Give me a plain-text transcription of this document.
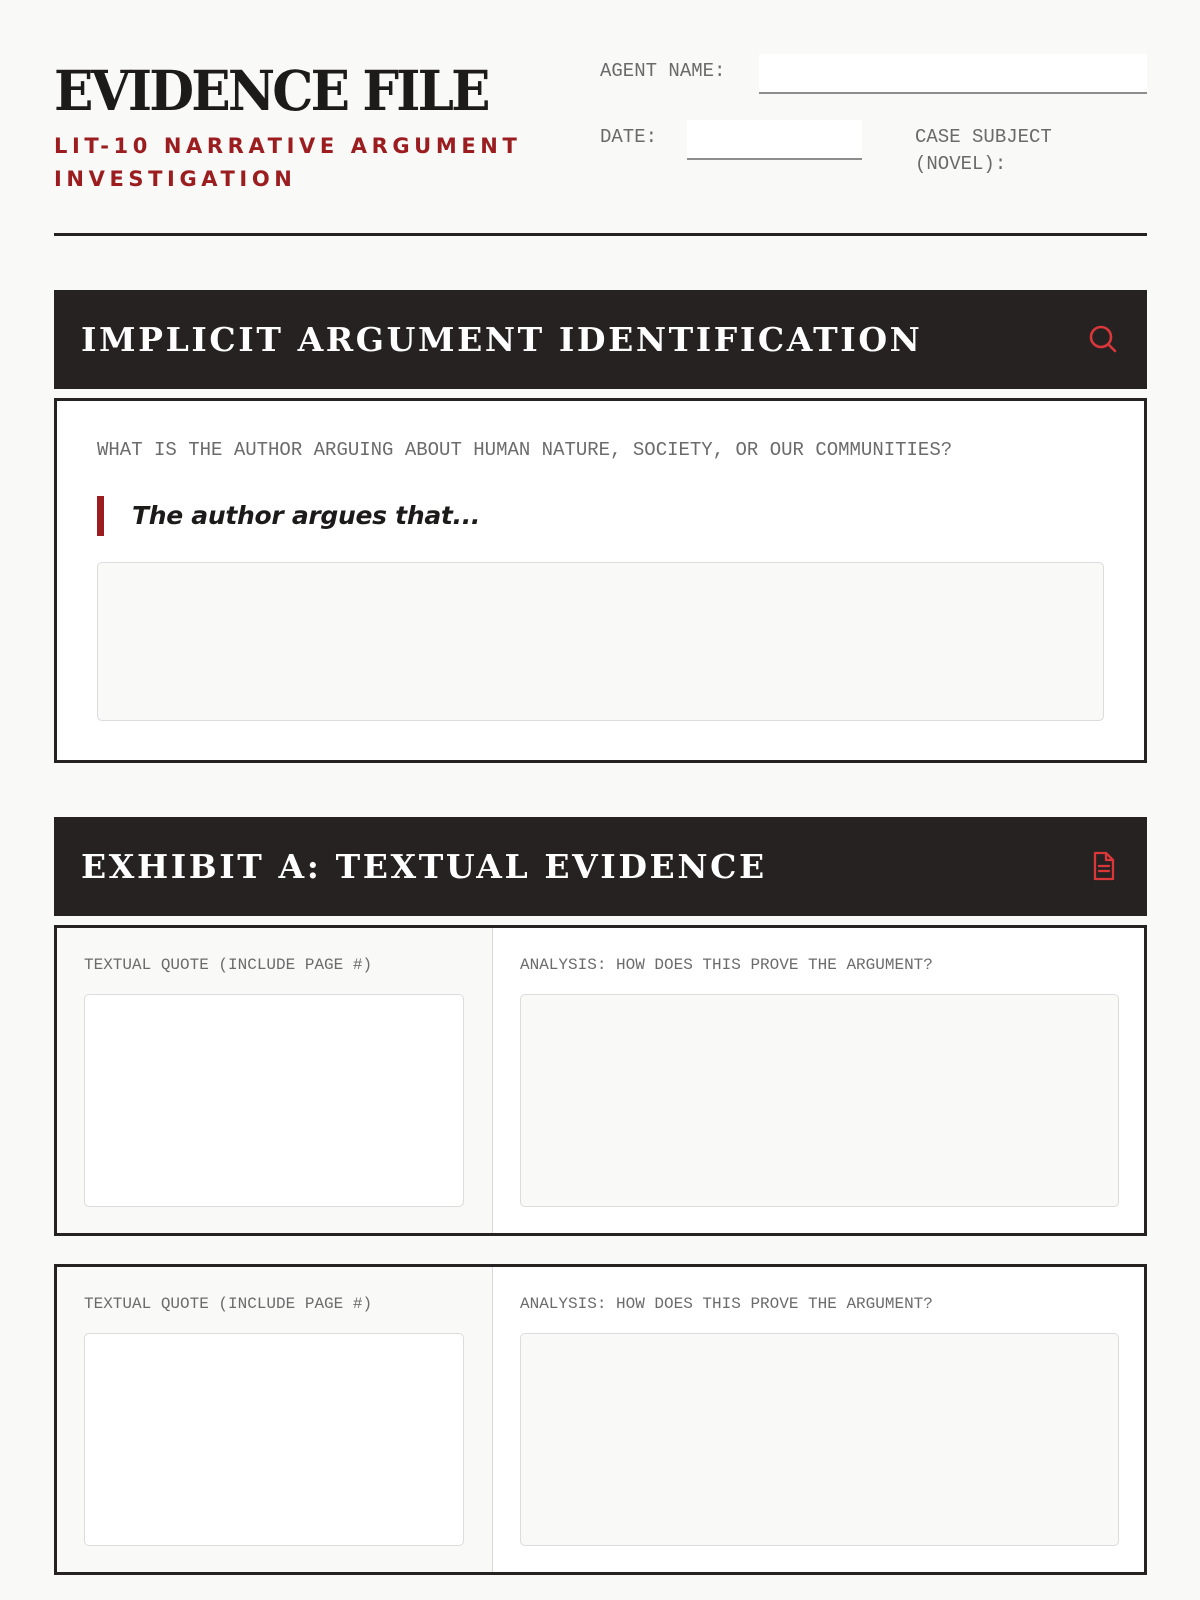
EVIDENCE FILE
LIT-10 NARRATIVE ARGUMENT INVESTIGATION
AGENT NAME:
DATE:	CASE SUBJECT (NOVEL):
IMPLICIT ARGUMENT IDENTIFICATION
WHAT IS THE AUTHOR ARGUING ABOUT HUMAN NATURE, SOCIETY, OR OUR COMMUNITIES?
The author argues that...
EXHIBIT A: TEXTUAL EVIDENCE
TEXTUAL QUOTE (INCLUDE PAGE #)	ANALYSIS: HOW DOES THIS PROVE THE ARGUMENT?
TEXTUAL QUOTE (INCLUDE PAGE #)	ANALYSIS: HOW DOES THIS PROVE THE ARGUMENT?
